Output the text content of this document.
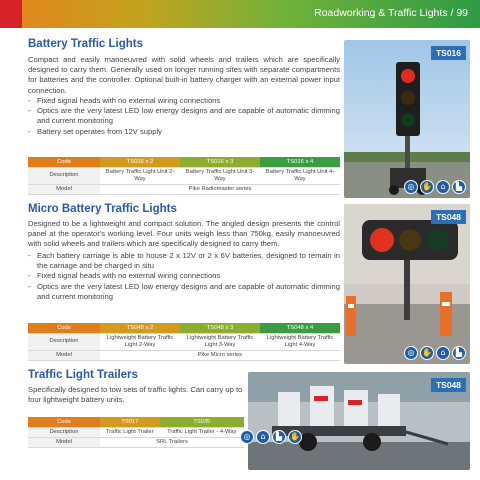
Roadworking & Traffic Lights / 99
Battery Traffic Lights

Compact and easily manoeuvred with solid wheels and trailers which are specifically designed to carry them. Generally used on longer running sites with separate compartments for batteries and the controller. Optional built-in battery charger with an external power input connection.

- Fixed signal heads with no external wiring connections
- Optics are the very latest LED low energy designs and are capable of automatic dimming and current monitoring
- Battery set operates from 12V supply
TS016
◎ ✋	⌂	▙
Code	TS016 x 2	TS016 x 3	TS016 x 4
Description	Battery Traffic Light Unit 2-Way	Battery Traffic Light Unit 3-Way	Battery Traffic Light Unit 4-Way
Model	Pike Radiomaster series		
Micro Battery Traffic Lights

Designed to be a lightweight and compact solution. The angled design presents the control panel at the operator's working level. Four units weigh less than 750kg, easily manoeuvred with solid wheels and trailers which are specifically designed to carry them.

- Each battery carriage is able to house 2 x 12V or 2 x 6V batteries, designed to remain in the carriage and be charged in situ
- Fixed signal heads with no external wiring connections
- Optics are the very latest LED low energy designs and are capable of automatic dimming and current monitoring
TS048
◎ ✋	⌂	▙
Code	TS048 x 2	TS048 x 3	TS048 x 4
Description	Lightweight Battery Traffic Light 2-Way	Lightweight Battery Traffic Light 3-Way	Lightweight Battery Traffic Light 4-Way
Model	Pike Micro series		
Traffic Light Trailers

Specifically designed to tow sets of traffic lights. Can carry up to four lightweight battery units.

TS048
Code	TS017	TS035
Description	Traffic Light Trailer	Traffic Light Trailer - 4-Way
Model	SRL Trailers	
◎	⌂	▙ ✋
